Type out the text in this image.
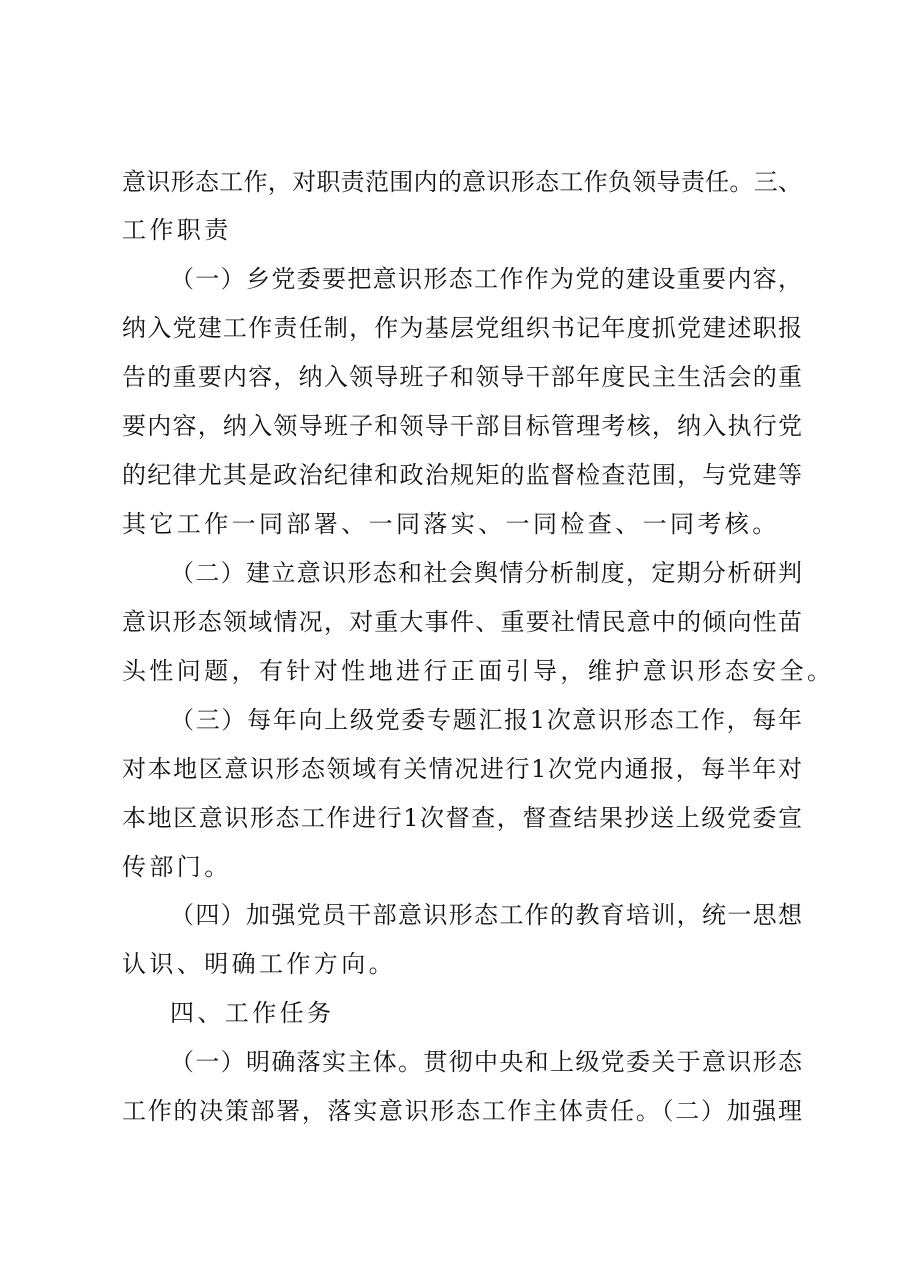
意识形态工作，对职责范围内的意识形态工作负领导责任。三、
工作职责
（一）乡党委要把意识形态工作作为党的建设重要内容，
纳入党建工作责任制，作为基层党组织书记年度抓党建述职报
告的重要内容，纳入领导班子和领导干部年度民主生活会的重
要内容，纳入领导班子和领导干部目标管理考核，纳入执行党
的纪律尤其是政治纪律和政治规矩的监督检查范围，与党建等
其它工作一同部署、一同落实、一同检查、一同考核。
（二）建立意识形态和社会舆情分析制度，定期分析研判
意识形态领域情况，对重大事件、重要社情民意中的倾向性苗
头性问题，有针对性地进行正面引导，维护意识形态安全。
（三）每年向上级党委专题汇报1次意识形态工作，每年
对本地区意识形态领域有关情况进行1次党内通报，每半年对
本地区意识形态工作进行1次督查，督查结果抄送上级党委宣
传部门。
（四）加强党员干部意识形态工作的教育培训，统一思想
认识、明确工作方向。
四、工作任务
（一）明确落实主体。贯彻中央和上级党委关于意识形态
工作的决策部署，落实意识形态工作主体责任。（二）加强理
